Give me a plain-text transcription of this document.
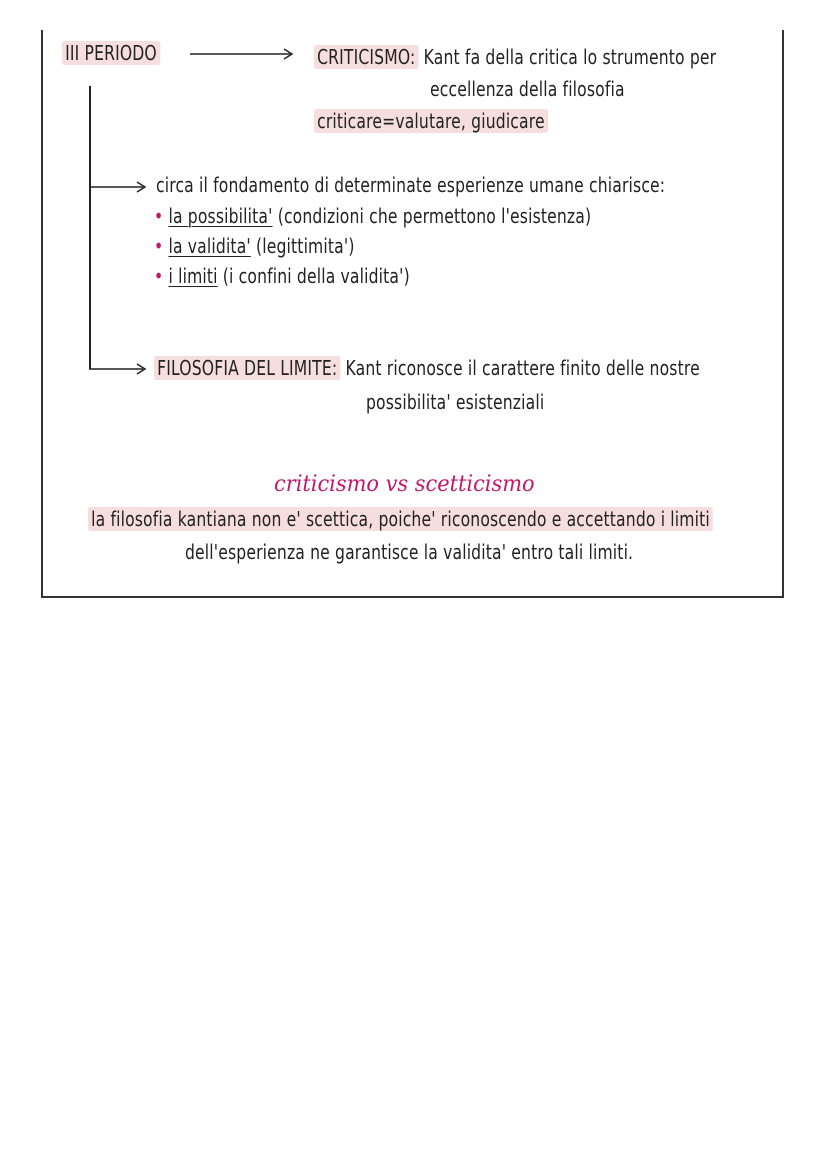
III PERIODO	CRITICISMO: Kant fa della critica lo strumento per
eccellenza della filosofia
criticare=valutare, giudicare
circa il fondamento di determinate esperienze umane chiarisce:
• la possibilita' (condizioni che permettono l'esistenza)
• la validita' (legittimita')
• i limiti (i confini della validita')
FILOSOFIA DEL LIMITE: Kant riconosce il carattere finito delle nostre
possibilita' esistenziali
criticismo vs scetticismo
la filosofia kantiana non e' scettica, poiche' riconoscendo e accettando i limiti
dell'esperienza ne garantisce la validita' entro tali limiti.
